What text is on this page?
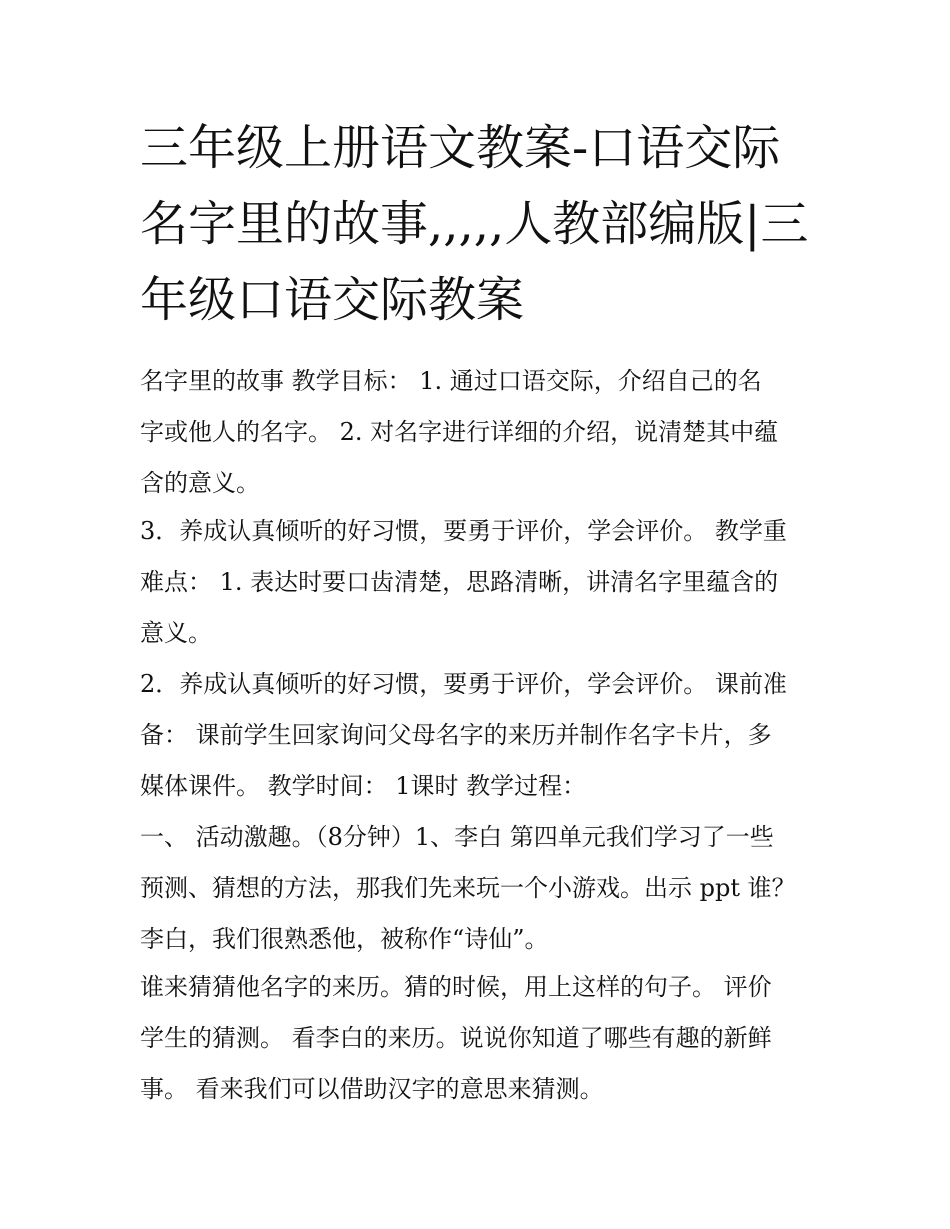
三年级上册语文教案-口语交际
名字里的故事,,,,,人教部编版|三
年级口语交际教案

名字里的故事 教学目标： 1. 通过口语交际，介绍自己的名
字或他人的名字。 2. 对名字进行详细的介绍，说清楚其中蕴
含的意义。

3．养成认真倾听的好习惯，要勇于评价，学会评价。 教学重
难点： 1. 表达时要口齿清楚，思路清晰，讲清名字里蕴含的
意义。

2．养成认真倾听的好习惯，要勇于评价，学会评价。 课前准
备： 课前学生回家询问父母名字的来历并制作名字卡片，多
媒体课件。 教学时间： 1课时 教学过程：

一、 活动激趣。（8分钟）1、李白 第四单元我们学习了一些
预测、猜想的方法，那我们先来玩一个小游戏。出示 ppt 谁？
李白，我们很熟悉他，被称作“诗仙”。

谁来猜猜他名字的来历。猜的时候，用上这样的句子。 评价
学生的猜测。 看李白的来历。说说你知道了哪些有趣的新鲜
事。 看来我们可以借助汉字的意思来猜测。
